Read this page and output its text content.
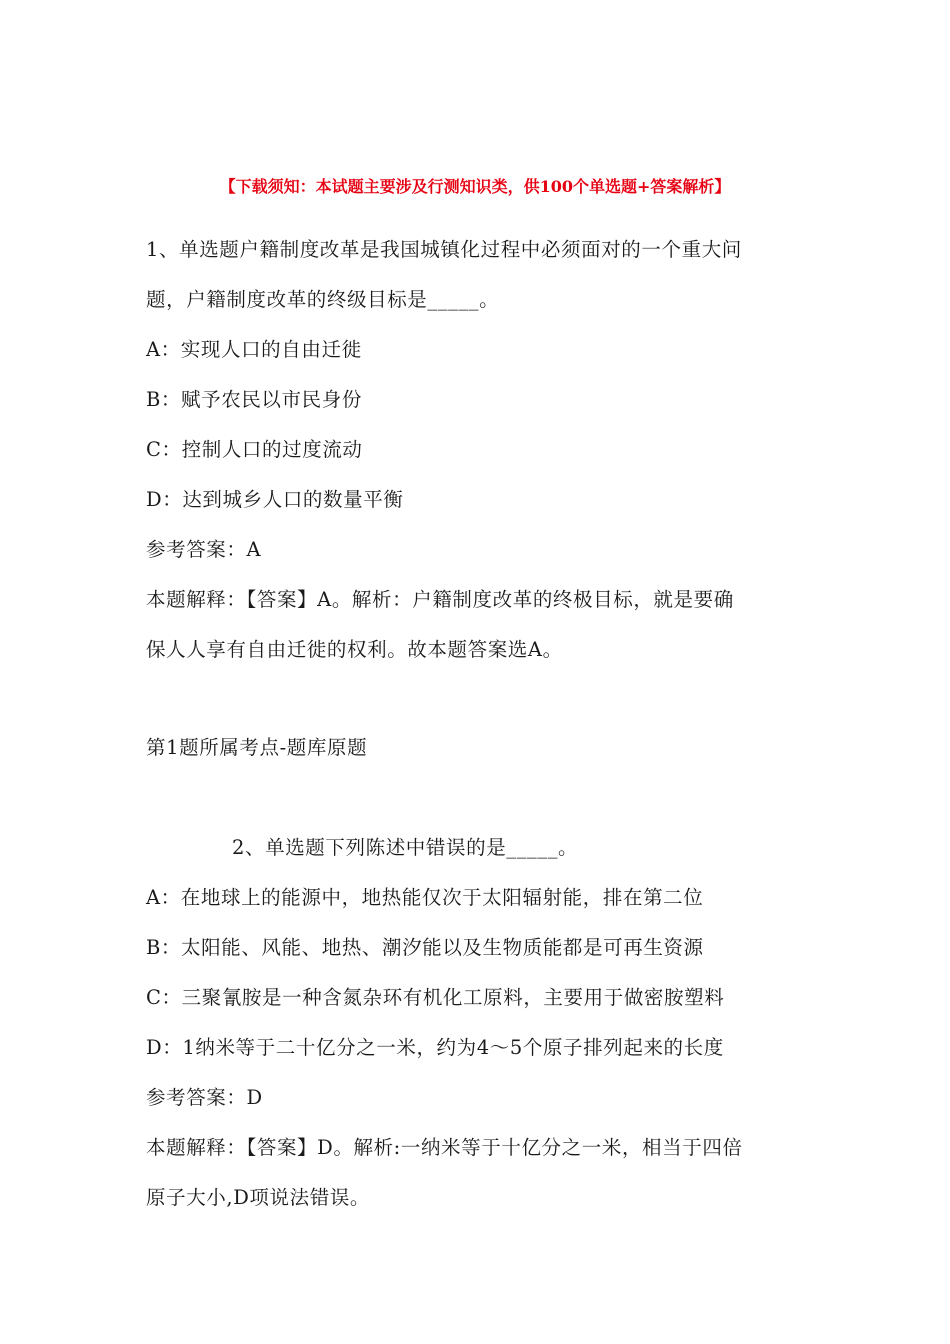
【下载须知：本试题主要涉及行测知识类，供100个单选题+答案解析】
1、单选题户籍制度改革是我国城镇化过程中必须面对的一个重大问
题，户籍制度改革的终级目标是_____。
A：实现人口的自由迁徙
B：赋予农民以市民身份
C：控制人口的过度流动
D：达到城乡人口的数量平衡
参考答案：A
本题解释：【答案】A。解析：户籍制度改革的终极目标，就是要确
保人人享有自由迁徙的权利。故本题答案选A。
第1题所属考点-题库原题
2、单选题下列陈述中错误的是_____。
A：在地球上的能源中，地热能仅次于太阳辐射能，排在第二位
B：太阳能、风能、地热、潮汐能以及生物质能都是可再生资源
C：三聚氰胺是一种含氮杂环有机化工原料，主要用于做密胺塑料
D：1纳米等于二十亿分之一米，约为4～5个原子排列起来的长度
参考答案：D
本题解释：【答案】D。解析:一纳米等于十亿分之一米，相当于四倍
原子大小,D项说法错误。
